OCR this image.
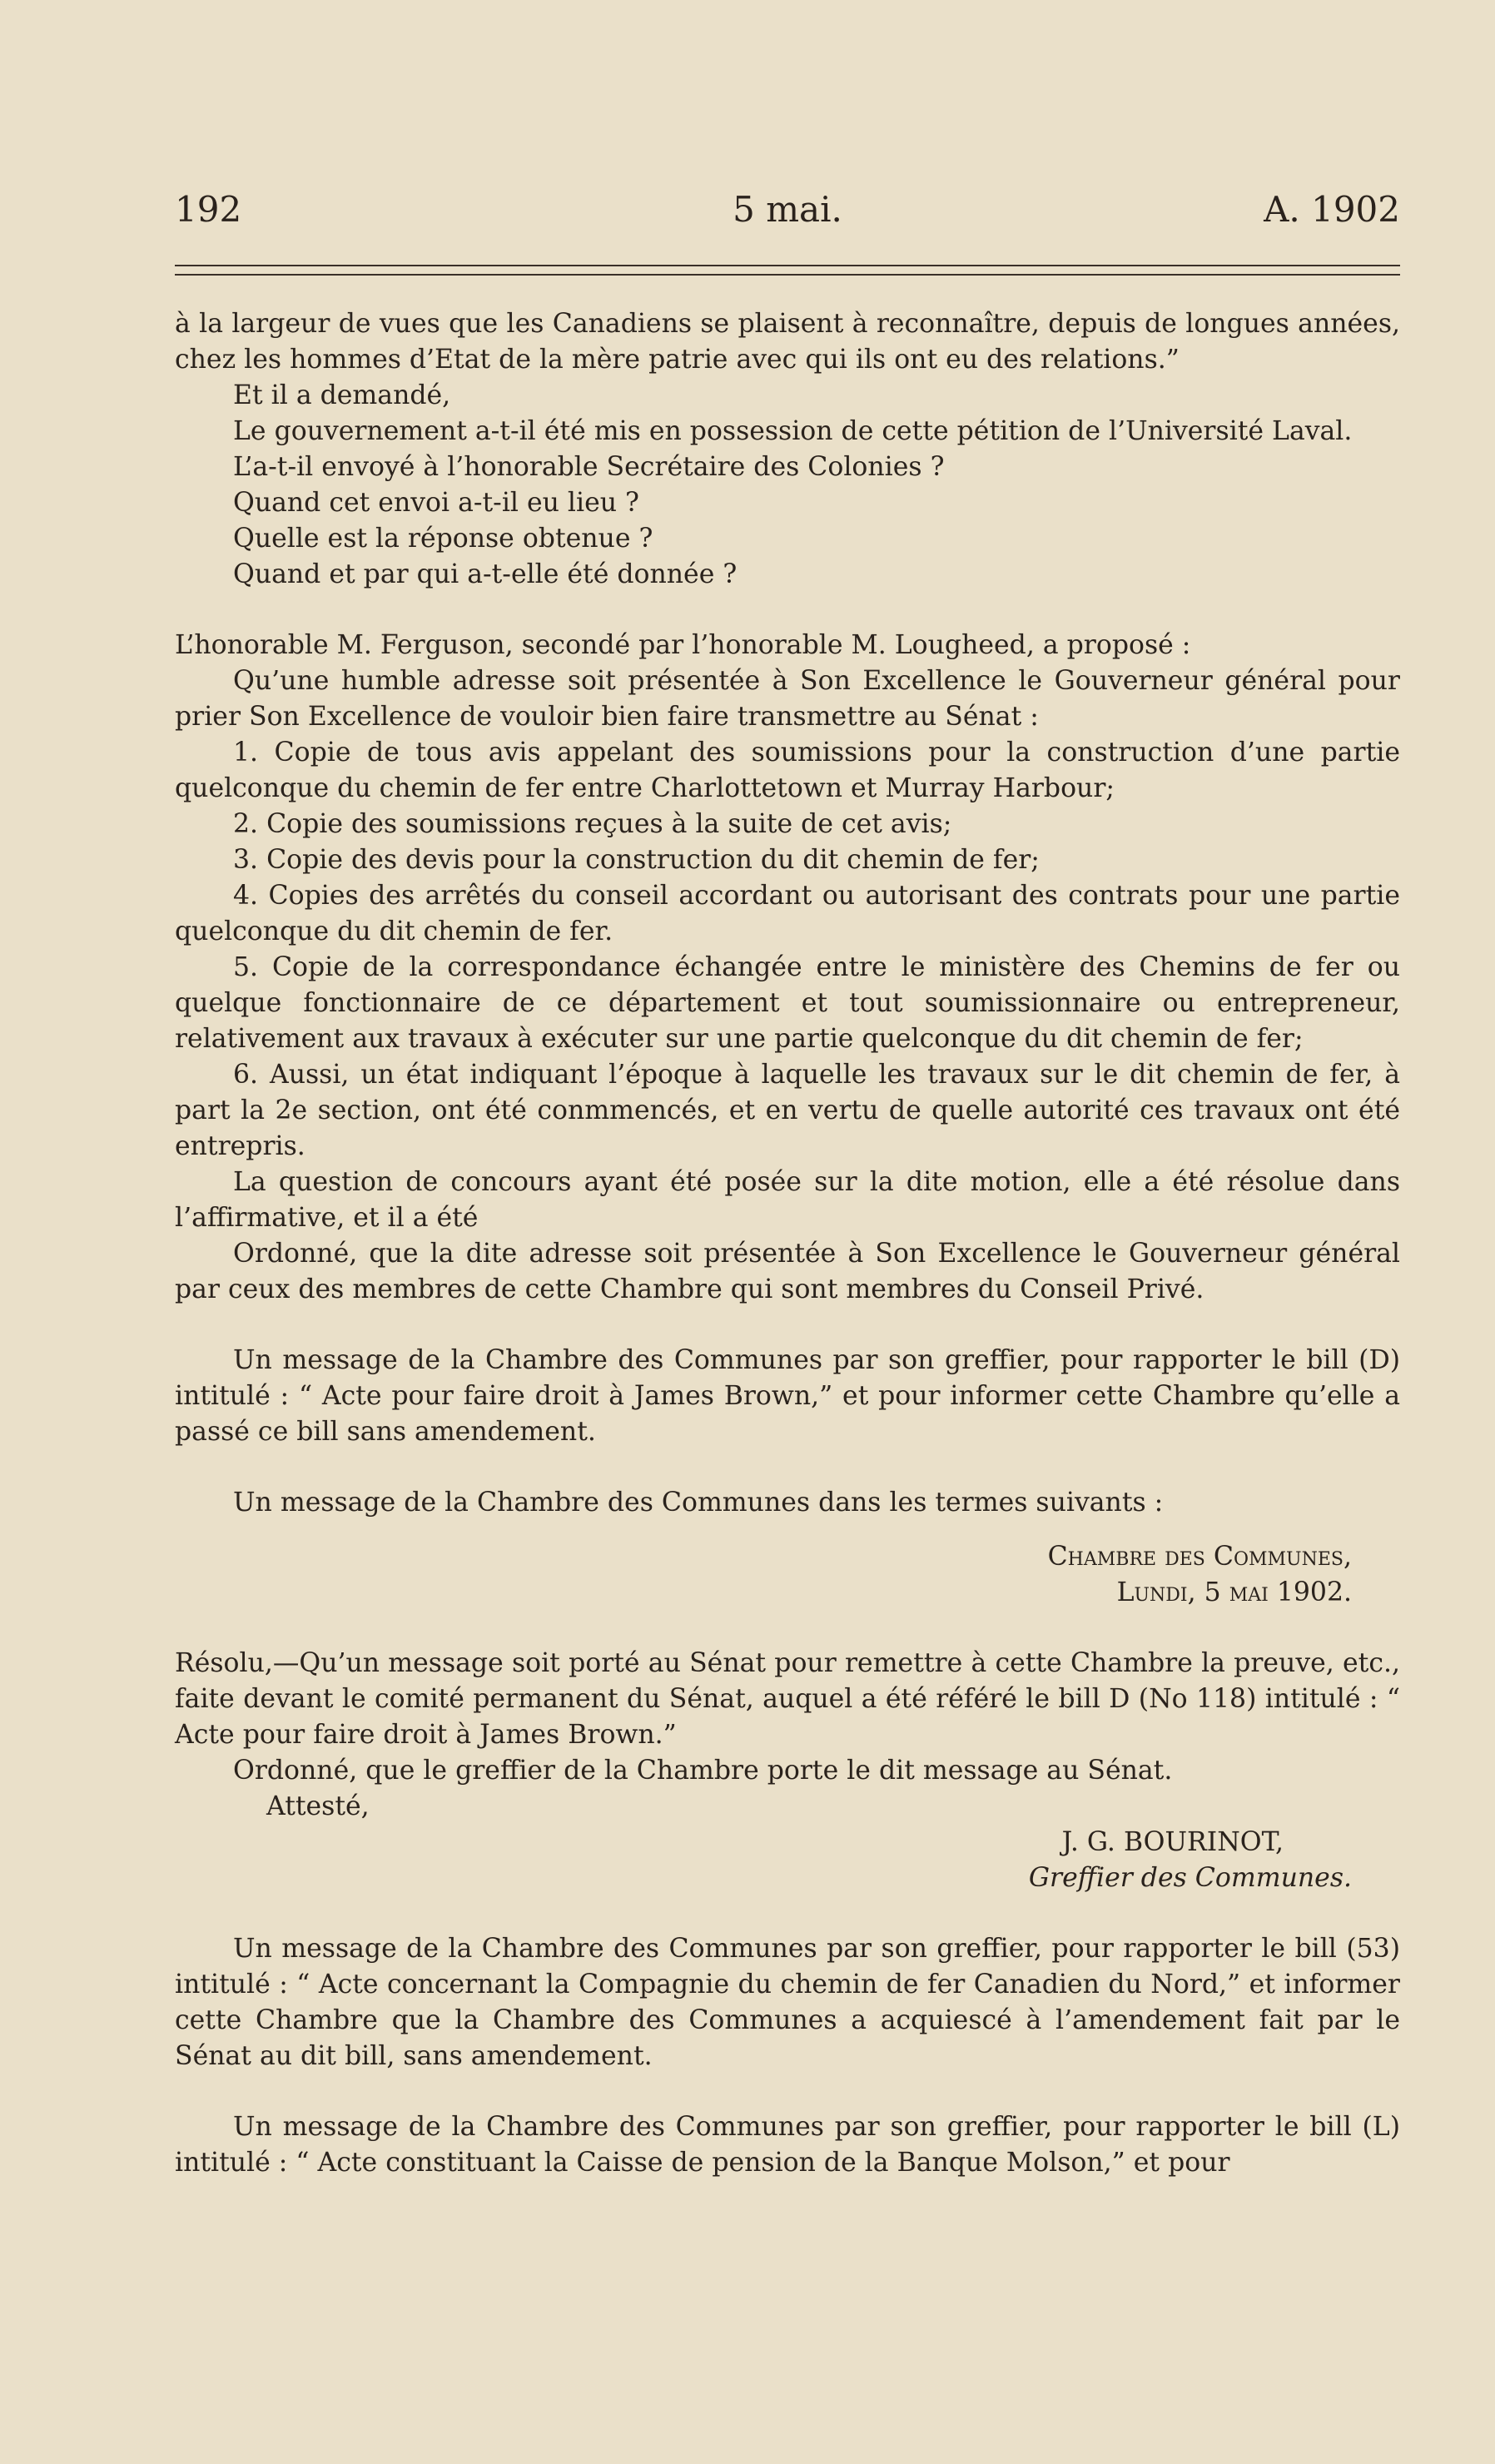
192	5 mai.	A. 1902

à la largeur de vues que les Canadiens se plaisent à reconnaître, depuis de longues années, chez les hommes d’Etat de la mère patrie avec qui ils ont eu des relations.”

Et il a demandé,

Le gouvernement a-t-il été mis en possession de cette pétition de l’Université Laval.

L’a-t-il envoyé à l’honorable Secrétaire des Colonies ?

Quand cet envoi a-t-il eu lieu ?

Quelle est la réponse obtenue ?

Quand et par qui a-t-elle été donnée ?

L’honorable M. Ferguson, secondé par l’honorable M. Lougheed, a proposé :

Qu’une humble adresse soit présentée à Son Excellence le Gouverneur général pour prier Son Excellence de vouloir bien faire transmettre au Sénat :

1. Copie de tous avis appelant des soumissions pour la construction d’une partie quelconque du chemin de fer entre Charlottetown et Murray Harbour;

2. Copie des soumissions reçues à la suite de cet avis;

3. Copie des devis pour la construction du dit chemin de fer;

4. Copies des arrêtés du conseil accordant ou autorisant des contrats pour une partie quelconque du dit chemin de fer.

5. Copie de la correspondance échangée entre le ministère des Chemins de fer ou quelque fonctionnaire de ce département et tout soumissionnaire ou entrepreneur, relativement aux travaux à exécuter sur une partie quelconque du dit chemin de fer;

6. Aussi, un état indiquant l’époque à laquelle les travaux sur le dit chemin de fer, à part la 2e section, ont été conmmencés, et en vertu de quelle autorité ces travaux ont été entrepris.

La question de concours ayant été posée sur la dite motion, elle a été résolue dans l’affirmative, et il a été

Ordonné, que la dite adresse soit présentée à Son Excellence le Gouverneur général par ceux des membres de cette Chambre qui sont membres du Conseil Privé.

Un message de la Chambre des Communes par son greffier, pour rapporter le bill (D) intitulé : “ Acte pour faire droit à James Brown,” et pour informer cette Chambre qu’elle a passé ce bill sans amendement.

Un message de la Chambre des Communes dans les termes suivants :

Chambre des Communes,

Lundi, 5 mai 1902.

Résolu,—Qu’un message soit porté au Sénat pour remettre à cette Chambre la preuve, etc., faite devant le comité permanent du Sénat, auquel a été référé le bill D (No 118) intitulé : “ Acte pour faire droit à James Brown.”

Ordonné, que le greffier de la Chambre porte le dit message au Sénat.

Attesté,

J. G. BOURINOT,

Greffier des Communes.

Un message de la Chambre des Communes par son greffier, pour rapporter le bill (53) intitulé : “ Acte concernant la Compagnie du chemin de fer Canadien du Nord,” et informer cette Chambre que la Chambre des Communes a acquiescé à l’amendement fait par le Sénat au dit bill, sans amendement.

Un message de la Chambre des Communes par son greffier, pour rapporter le bill (L) intitulé : “ Acte constituant la Caisse de pension de la Banque Molson,” et pour
